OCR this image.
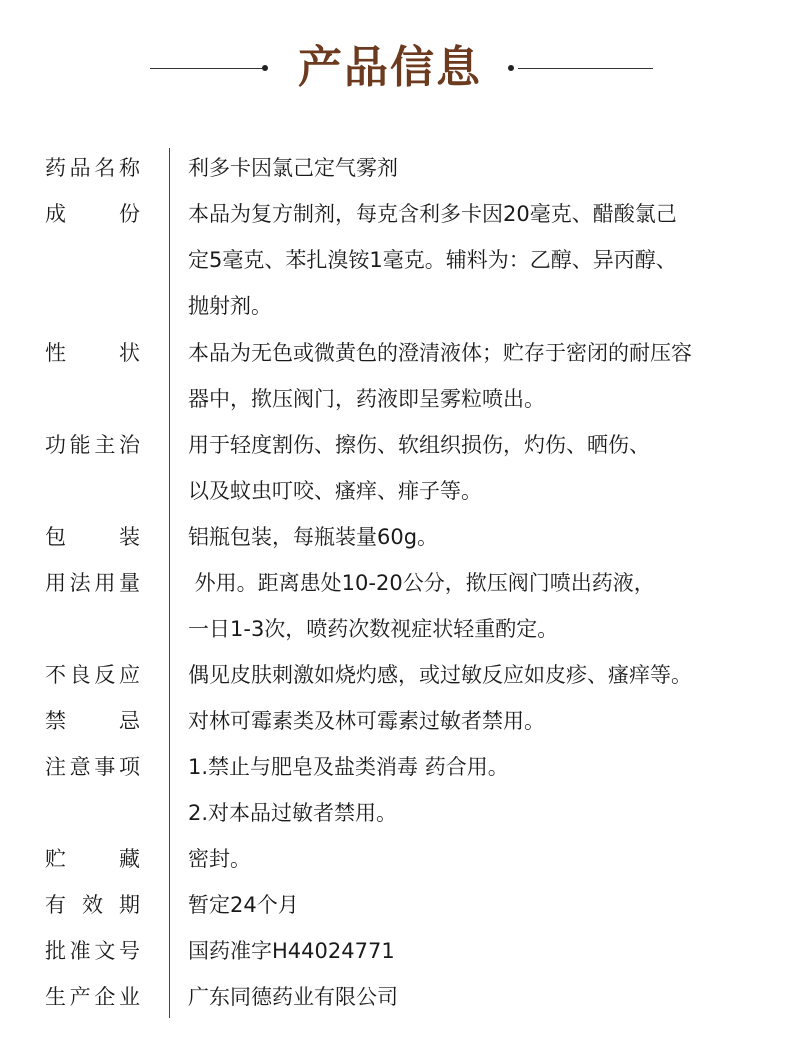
产品信息
药品名称 利多卡因氯己定气雾剂
成 份 本品为复方制剂，每克含利多卡因20毫克、醋酸氯己
定5毫克、苯扎溴铵1毫克。辅料为：乙醇、异丙醇、
抛射剂。
性 状 本品为无色或微黄色的澄清液体；贮存于密闭的耐压容
器中，揿压阀门，药液即呈雾粒喷出。
功能主治 用于轻度割伤、擦伤、软组织损伤，灼伤、晒伤、
以及蚊虫叮咬、瘙痒、痱子等。
包 装 铝瓶包装，每瓶装量60g。
用法用量 外用。距离患处10-20公分，揿压阀门喷出药液，
一日1-3次，喷药次数视症状轻重酌定。
不良反应 偶见皮肤刺激如烧灼感，或过敏反应如皮疹、瘙痒等。
禁 忌 对林可霉素类及林可霉素过敏者禁用。
注意事项 1.禁止与肥皂及盐类消毒 药合用。
2.对本品过敏者禁用。
贮 藏 密封。
有 效 期 暂定24个月
批准文号 国药准字H44024771
生产企业 广东同德药业有限公司
